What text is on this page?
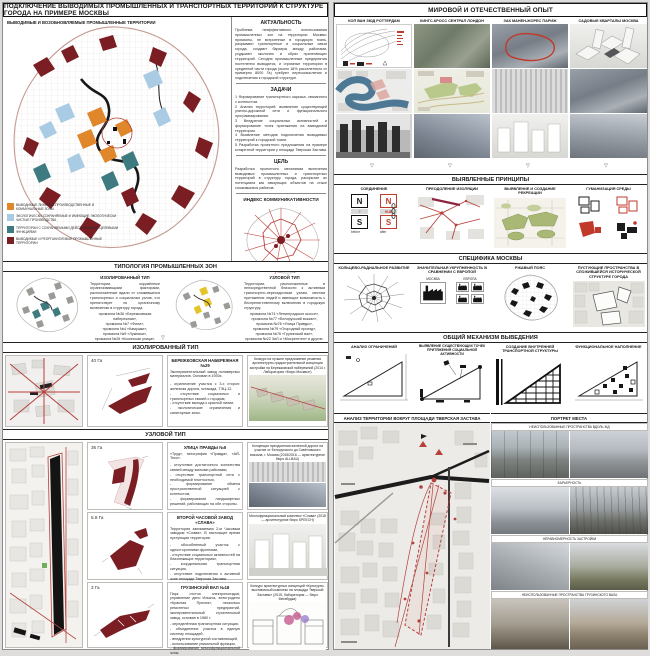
ПОДКЛЮЧЕНИЕ ВЫВОДИМЫХ ПРОМЫШЛЕННЫХ И ТРАНСПОРТНЫХ ТЕРРИТОРИЙ К СТРУКТУРЕ ГОРОДА НА ПРИМЕРЕ МОСКВЫ
ВЫВОДИМЫЕ И ВОЗОБНОВЛЯЕМЫЕ ПРОМЫШЛЕННЫЕ ТЕРРИТОРИИ
ВЫВОДИМЫЕ ЛИНЕЙНО-ПРОИЗВОДСТВЕННЫЕ И КОММУНАЛЬНЫЕ ЗОНЫ
ЭКОЛОГИЧЕСКИ СОХРАНЯЕМЫЕ И ИМЕЮЩИЕ ЭКОЛОГИЧЕСКИ ЧИСТЫЕ ПРОИЗВОДСТВА
ТЕРРИТОРИИ С СОХРАНЯЕМЫМИ ДЕЙСТВУЮЩИМИ ЦЕЛЕВЫМИ ФУНКЦИЯМИ
ВЫВОДИМЫЕ И РЕОРГАНИЗУЕМЫЕ ПРОМЫШЛЕННЫЕ ТЕРРИТОРИИ
АКТУАЛЬНОСТЬ
Проблема неэффективного использования промышленных зон на территории Москвы: промзоны, не встроенные в городскую ткань, разрывают транспортные и социальные связи города, создают барьеры между районами, ухудшают экологию и образ прилегающих территорий. Сегодня промышленные предприятия постепенно выводятся, и огромные территории в срединной части города (около 18% расселенного от примерно 8000 Га) требуют переосмысления и подключения к городской структуре.
ЗАДАЧИ
1 Формирование транспортного каркаса, связанного с контекстом.
2 Анализ территорий: выявление существующей улично-дорожной сети и функционального программирования.
3 Внедрение социальных активностей и формирование точек притяжения на выводимой территории.
4 Выявление методов подключения выводимых территорий к городской ткани.
5 Разработка проектного предложения на примере конкретной территории у площади Тверская Застава.
ЦЕЛЬ
Разработка проектного механизма включения выводимых промышленных и транспортных территорий в структуру города, раскрытие их потенциала как связующих объектов на стыке сложившихся районов.
ИНДЕКС КОММУНИКАТИВНОСТИ
ТИПОЛОГИЯ ПРОМЫШЛЕННЫХ ЗОН
ИЗОЛИРОВАННЫЙ ТИП
Территории, окружённые ограничивающими факторами, расположенные вдали от сложившихся транспортных и социальных узлов, что препятствует их органичному включению в структуру города.
промзона №36 «Бережковская набережная»,
промзона №7 «Фили»,
промзона №4 «Камушки»,
промзона №9 «Лужники»,
промзона №26 «Косинская улица»,
УЗЛОВОЙ ТИП
Территории, расположенные в непосредственной близости к активным транспортно-пересадочным узлам, местам притяжения людей и имеющие возможность к беспрепятственному включению в городскую структуру.
промзона №74 «Ленинградское шоссе»,
промзона №77 «Белорусский вокзал»,
промзона №78 «Улица Правды»,
промзона №79 «Огородный проезд»,
промзона №76 «Грузинский вал»,
промзона №22 ЗиЛ и «Мосрентген» и другие.
▽
ИЗОЛИРОВАННЫЙ ТИП
40 Га	БЕРЕЖКОВСКАЯ НАБЕРЕЖНАЯ №29
Экспериментальный завод полимерных материалов. Основан в 1930х.
- ограничение участка с 3-х сторон: железная дорога, эстакада, ТЭЦ-12,
- отсутствие социальных и транспортных связей с городом,
- отсутствие выхода к красной линии,
- экологические ограничения и санитарные зоны.
Конкурс на лучшее предложение решения архитектурно-градостроительной концепции застройки на Бережковской набережной (2014 г. Лаборатория «Бюро Москвы»)
УЗЛОВОЙ ТИП
36 Га	УЛИЦА ПРАВДЫ №5
«Труд», типография «Правда», «АЙ-Теко».
- отсутствие достаточного количества связей между жилыми районами,
- отсутствие транспортной сети с необходимой плотностью,
- формирование обмена пространственной ситуацией с контекстом,
- формирование ландшафтных решений, работающих на обе стороны.
Концепция преодоления железной дороги на участке от Белорусского до Савёловского вокзала, г. Москва (2015/2016 — архитектурное бюро ALLBAU)
5.8 Га	ВТОРОЙ ЧАСОВОЙ ЗАВОД «СЛАВА»
Территория занимаемая 2-м Часовым заводом «Слава». В настоящее время пустующая территория.
- обособленный участок с односторонними фронтами,
- отсутствие социальных активностей на близлежащих территориях,
- координальная транспортная ситуация,
- отсутствие подключения к активной зоне площади Тверская Застава.
Многофункциональный комплекс «Слава» (2018 — архитектурное бюро SPEECH)
3 Га	ГРУЗИНСКИЙ ВАЛ №18
Парк отстоя электропоездов, управление депо Ильича, электродепо «Красная Пресня», несколько ремонтных предприятий, экспериментальный строительный завод, основан в 1980 г.
- определённая транспортная ситуация,
- объединение участка в единую систему площадей,
- внедрение культурной составляющей,
- использование уникальной функции,
- формирование многофункциональной зоны.
Конкурс архитектурных концепций «Культурно-выставочный комплекс на площади Тверской Заставы» (2015, Лаборатория — бюро Мегабудка)
МИРОВОЙ И ОТЕЧЕСТВЕННЫЙ ОПЫТ
КОП ВАН ЗЮД РОТТЕРДАМ	КИНГС-КРОСС СЕНТРАЛ ЛОНДОН	ЗАК МАНЕН-ЖОРЕС ПАРИЖ	САДОВЫЕ КВАРТАЛЫ МОСКВА
▽	▽	▽	▽
ВЫЯВЛЕННЫЕ ПРИНЦИПЫ
СОЕДИНЕНИЕ
N
?
S
before
N
HUB
S
after
ПРЕОДОЛЕНИЕ ИЗОЛЯЦИИ	ВЫЯВЛЕНИЕ И СОЗДАНИЕ РЕКРЕАЦИИ
ГУМАНИЗАЦИЯ СРЕДЫ
СПЕЦИФИКА МОСКВЫ
КОЛЬЦЕВО-РАДИАЛЬНОЕ РАЗВИТИЕ	ЗНАЧИТЕЛЬНАЯ УКРУПНЕННОСТЬ В СРАВНЕНИИ С ЕВРОПОЙ
МОСКВА	ЕВРОПА
РЖАВЫЙ ПОЯС	ПУСТУЮЩИЕ ПРОСТРАНСТВА В СЛОЖИВШЕЙСЯ ИСТОРИЧЕСКОЙ СТРУКТУРЕ ГОРОДА
ОБЩИЙ МЕХАНИЗМ ВЫВЕДЕНИЯ
АНАЛИЗ ОГРАНИЧЕНИЙ	ВЫЯВЛЕНИЕ СУЩЕСТВУЮЩИХ ТОЧЕК ПРИТЯЖЕНИЯ СОЦИАЛЬНОЙ АКТИВНОСТИ
СОЗДАНИЕ ВНУТРЕННЕЙ ТРАНСПОРТНОЙ СТРУКТУРЫ
ФУНКЦИОНАЛЬНОЕ НАПОЛНЕНИЕ
АНАЛИЗ ТЕРРИТОРИИ ВОКРУГ ПЛОЩАДИ ТВЕРСКАЯ ЗАСТАВА	ПОРТРЕТ МЕСТА
НЕИСПОЛЬЗОВАННЫЕ ПРОСТРАНСТВА ВДОЛЬ ЖД
БАРЬЕРНОСТЬ
НЕРАВНОМЕРНОСТЬ ЗАСТРОЙКИ
НЕИСПОЛЬЗОВАННЫЕ ПРОСТРАНСТВА ГРУЗИНСКОГО ВАЛА
